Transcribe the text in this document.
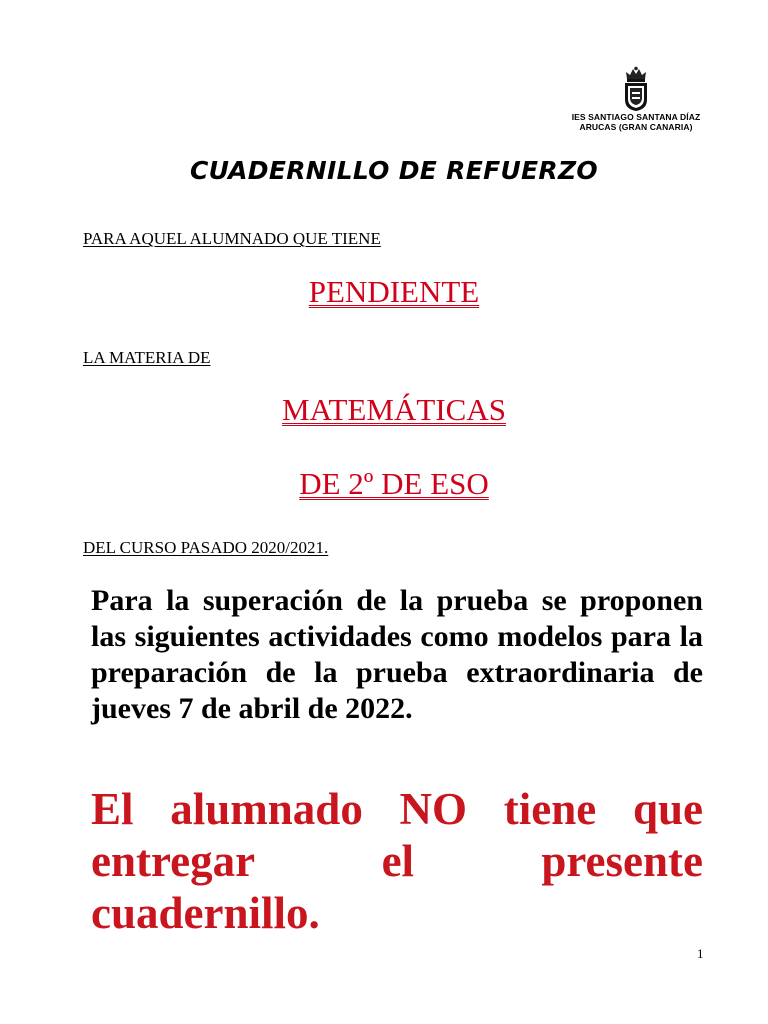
IES SANTIAGO SANTANA DÍAZ
ARUCAS (GRAN CANARIA)
CUADERNILLO DE REFUERZO
PARA AQUEL ALUMNADO QUE TIENE
PENDIENTE
LA MATERIA DE
MATEMÁTICAS
DE 2º DE ESO
DEL CURSO PASADO 2020/2021.
Para la superación de la prueba se proponen las siguientes actividades como modelos para la preparación de la prueba extraordinaria de jueves 7 de abril de 2022.
El alumnado NO tiene que entregar el presente cuadernillo.
1
